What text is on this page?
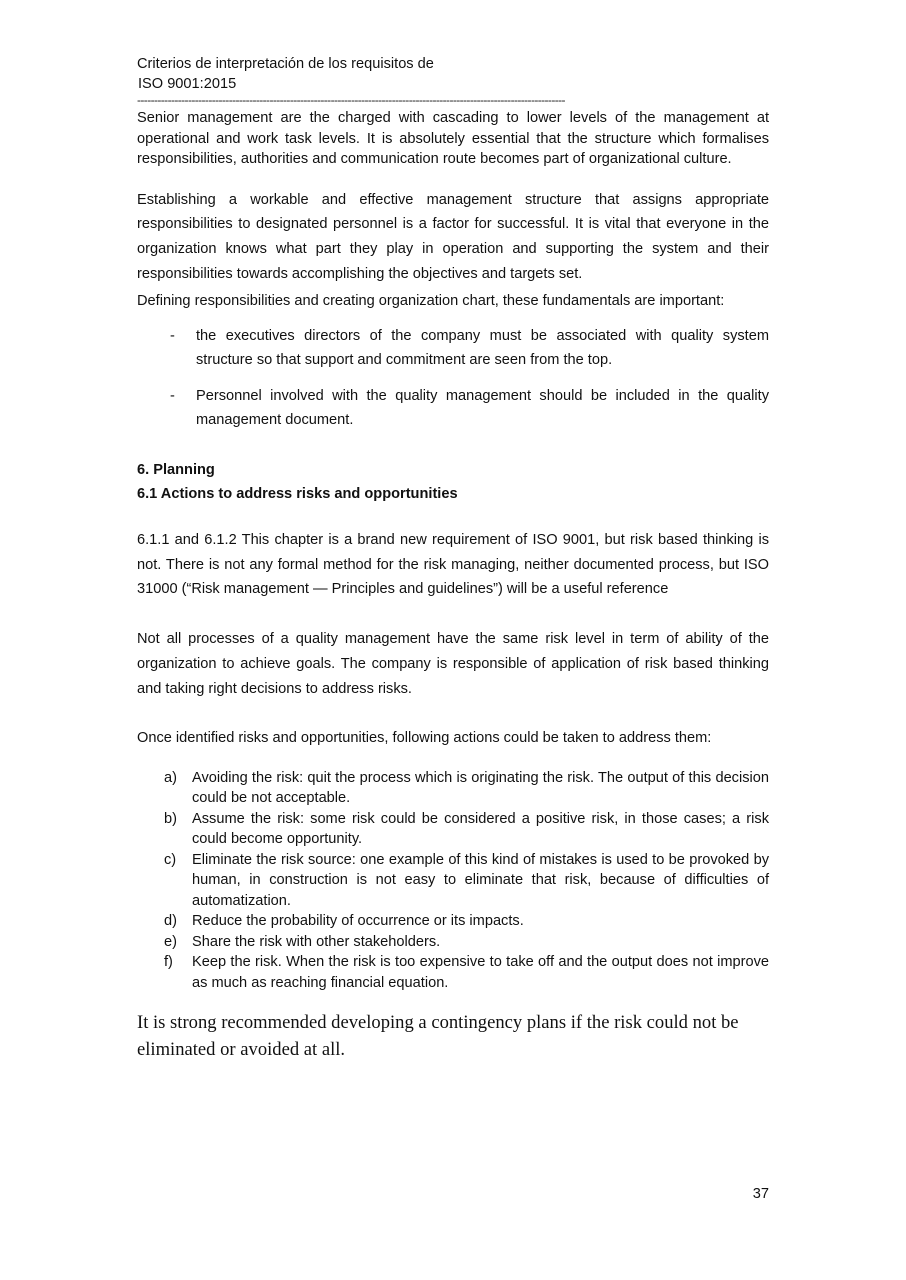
Criterios de interpretación de los requisitos de

ISO 9001:2015

------------------------------------------------------------------------------------------------------------------------------

Senior management are the charged with cascading to lower levels of the management at operational and work task levels. It is absolutely essential that the structure which formalises responsibilities, authorities and communication route becomes part of organizational culture.

Establishing a workable and effective management structure that assigns appropriate responsibilities to designated personnel is a factor for successful. It is vital that everyone in the organization knows what part they play in operation and supporting the system and their responsibilities towards accomplishing the objectives and targets set.

Defining responsibilities and creating organization chart, these fundamentals are important:

- the executives directors of the company must be associated with quality system structure so that support and commitment are seen from the top.
- Personnel involved with the quality management should be included in the quality management document.

6. Planning

6.1 Actions to address risks and opportunities

6.1.1 and 6.1.2 This chapter is a brand new requirement of ISO 9001, but risk based thinking is not. There is not any formal method for the risk managing, neither documented process, but ISO 31000 (“Risk management — Principles and guidelines”) will be a useful reference

Not all processes of a quality management have the same risk level in term of ability of the organization to achieve goals. The company is responsible of application of risk based thinking and taking right decisions to address risks.

Once identified risks and opportunities, following actions could be taken to address them:

a) Avoiding the risk: quit the process which is originating the risk. The output of this decision could be not acceptable.
b) Assume the risk: some risk could be considered a positive risk, in those cases; a risk could become opportunity.
c) Eliminate the risk source: one example of this kind of mistakes is used to be provoked by human, in construction is not easy to eliminate that risk, because of difficulties of automatization.
d) Reduce the probability of occurrence or its impacts.
e) Share the risk with other stakeholders.
f) Keep the risk. When the risk is too expensive to take off and the output does not improve as much as reaching financial equation.

It is strong recommended developing a contingency plans if the risk could not be eliminated or avoided at all.

37
